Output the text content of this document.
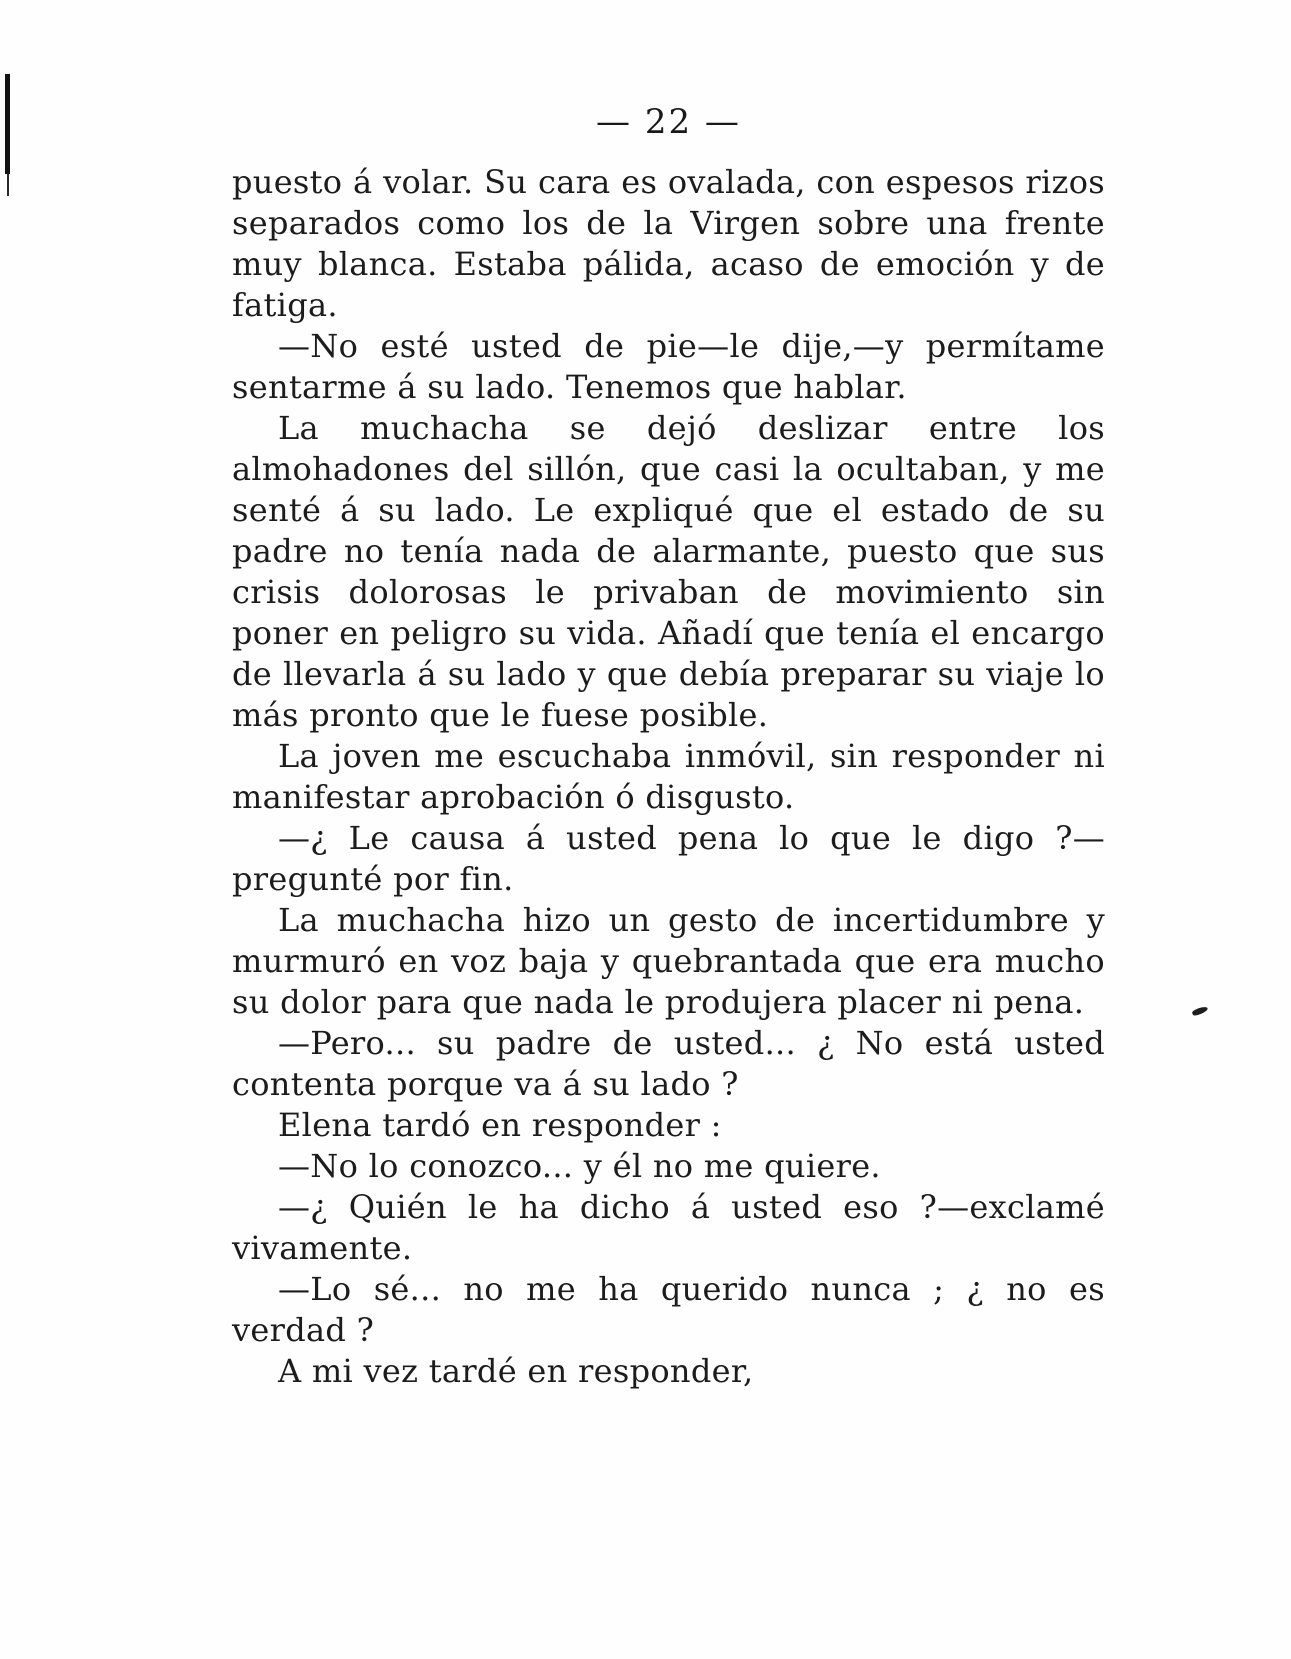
— 22 —

puesto á volar. Su cara es ovalada, con espesos rizos separados como los de la Virgen sobre una frente muy blanca. Estaba pálida, acaso de emoción y de fatiga.

—No esté usted de pie—le dije,—y permítame sentarme á su lado. Tenemos que hablar.

La muchacha se dejó deslizar entre los almohadones del sillón, que casi la ocultaban, y me senté á su lado. Le expliqué que el estado de su padre no tenía nada de alarmante, puesto que sus crisis dolorosas le privaban de movimiento sin poner en peligro su vida. Añadí que tenía el encargo de llevarla á su lado y que debía preparar su viaje lo más pronto que le fuese posible.

La joven me escuchaba inmóvil, sin responder ni manifestar aprobación ó disgusto.

—¿ Le causa á usted pena lo que le digo ?—pregunté por fin.

La muchacha hizo un gesto de incertidumbre y murmuró en voz baja y quebrantada que era mucho su dolor para que nada le produjera placer ni pena.

—Pero... su padre de usted... ¿ No está usted contenta porque va á su lado ?

Elena tardó en responder :

—No lo conozco... y él no me quiere.

—¿ Quién le ha dicho á usted eso ?—exclamé vivamente.

—Lo sé... no me ha querido nunca ; ¿ no es verdad ?

A mi vez tardé en responder,
